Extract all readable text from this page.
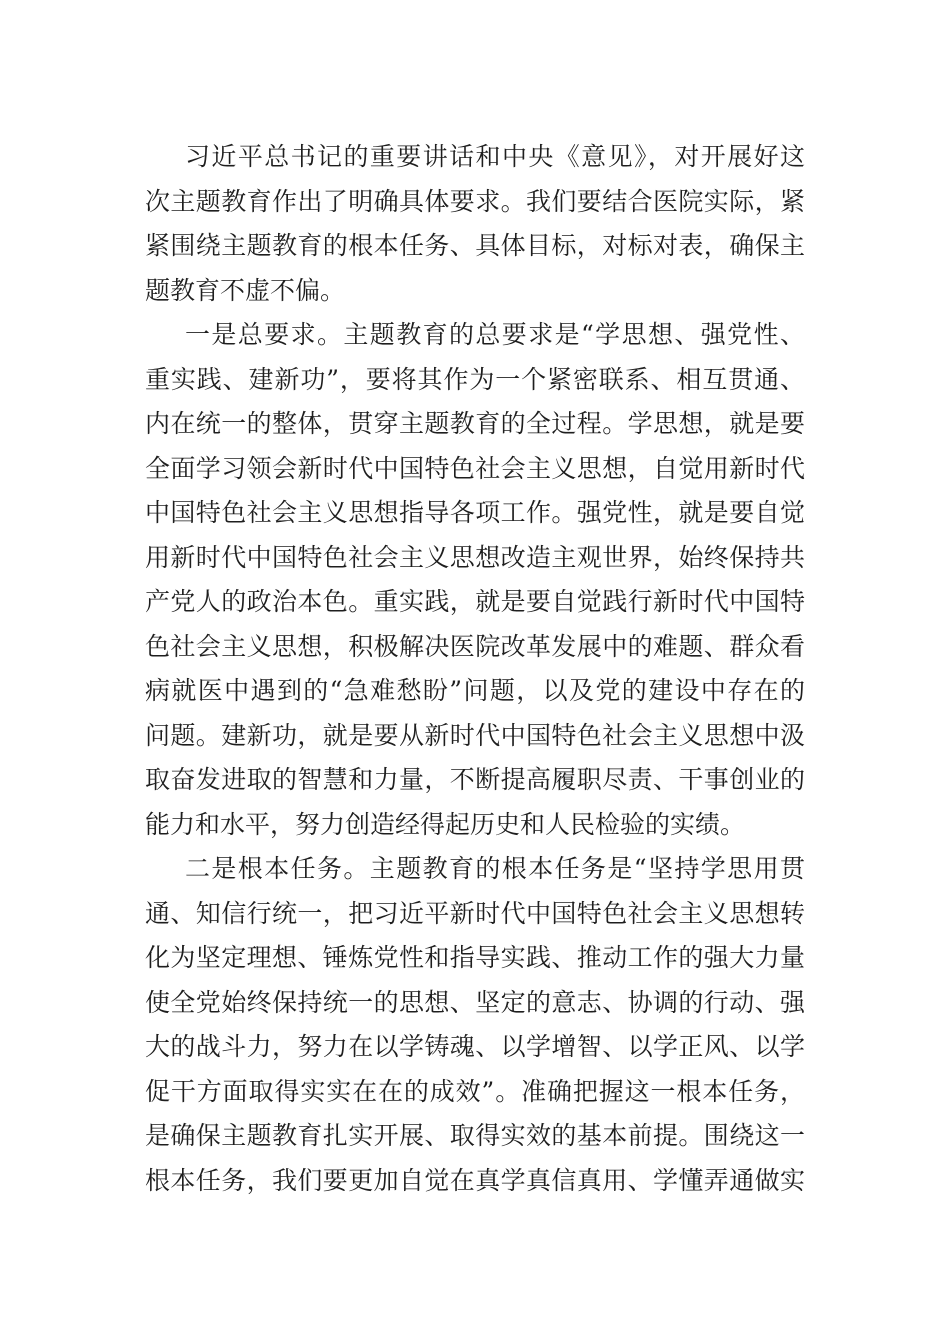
习近平总书记的重要讲话和中央《意见》，对开展好这
次主题教育作出了明确具体要求。我们要结合医院实际，紧
紧围绕主题教育的根本任务、具体目标，对标对表，确保主
题教育不虚不偏。
一是总要求。主题教育的总要求是“学思想、强党性、
重实践、建新功”，要将其作为一个紧密联系、相互贯通、
内在统一的整体，贯穿主题教育的全过程。学思想，就是要
全面学习领会新时代中国特色社会主义思想，自觉用新时代
中国特色社会主义思想指导各项工作。强党性，就是要自觉
用新时代中国特色社会主义思想改造主观世界，始终保持共
产党人的政治本色。重实践，就是要自觉践行新时代中国特
色社会主义思想，积极解决医院改革发展中的难题、群众看
病就医中遇到的“急难愁盼”问题，以及党的建设中存在的
问题。建新功，就是要从新时代中国特色社会主义思想中汲
取奋发进取的智慧和力量，不断提高履职尽责、干事创业的
能力和水平，努力创造经得起历史和人民检验的实绩。
二是根本任务。主题教育的根本任务是“坚持学思用贯
通、知信行统一，把习近平新时代中国特色社会主义思想转
化为坚定理想、锤炼党性和指导实践、推动工作的强大力量
使全党始终保持统一的思想、坚定的意志、协调的行动、强
大的战斗力，努力在以学铸魂、以学增智、以学正风、以学
促干方面取得实实在在的成效”。准确把握这一根本任务，
是确保主题教育扎实开展、取得实效的基本前提。围绕这一
根本任务，我们要更加自觉在真学真信真用、学懂弄通做实
